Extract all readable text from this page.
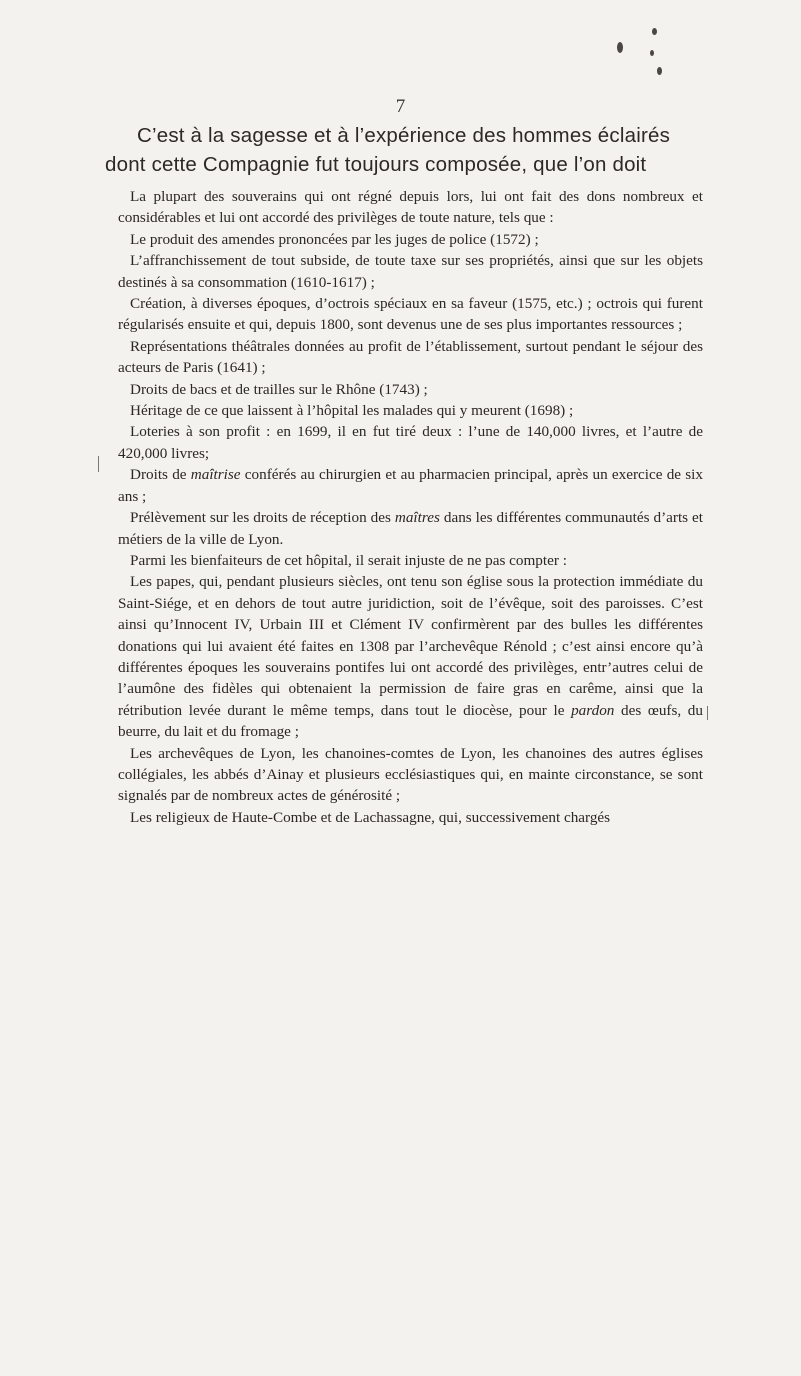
7
C’est à la sagesse et à l’expérience des hommes éclairés
dont cette Compagnie fut toujours composée, que l’on doit

La plupart des souverains qui ont régné depuis lors, lui ont fait des dons nombreux et considérables et lui ont accordé des privilèges de toute nature, tels que :

Le produit des amendes prononcées par les juges de police (1572) ;

L’affranchissement de tout subside, de toute taxe sur ses propriétés, ainsi que sur les objets destinés à sa consommation (1610-1617) ;

Création, à diverses époques, d’octrois spéciaux en sa faveur (1575, etc.) ; octrois qui furent régularisés ensuite et qui, depuis 1800, sont devenus une de ses plus importantes ressources ;

Représentations théâtrales données au profit de l’établissement, surtout pendant le séjour des acteurs de Paris (1641) ;

Droits de bacs et de trailles sur le Rhône (1743) ;

Héritage de ce que laissent à l’hôpital les malades qui y meurent (1698) ;

Loteries à son profit : en 1699, il en fut tiré deux : l’une de 140,000 livres, et l’autre de 420,000 livres;

Droits de maîtrise conférés au chirurgien et au pharmacien principal, après un exercice de six ans ;

Prélèvement sur les droits de réception des maîtres dans les différentes communautés d’arts et métiers de la ville de Lyon.

Parmi les bienfaiteurs de cet hôpital, il serait injuste de ne pas compter :

Les papes, qui, pendant plusieurs siècles, ont tenu son église sous la protection immédiate du Saint-Siége, et en dehors de tout autre juridiction, soit de l’évêque, soit des paroisses. C’est ainsi qu’Innocent IV, Urbain III et Clément IV confirmèrent par des bulles les différentes donations qui lui avaient été faites en 1308 par l’archevêque Rénold ; c’est ainsi encore qu’à différentes époques les souverains pontifes lui ont accordé des privilèges, entr’autres celui de l’aumône des fidèles qui obtenaient la permission de faire gras en carême, ainsi que la rétribution levée durant le même temps, dans tout le diocèse, pour le pardon des œufs, du beurre, du lait et du fromage ;

Les archevêques de Lyon, les chanoines-comtes de Lyon, les chanoines des autres églises collégiales, les abbés d’Ainay et plusieurs ecclésiastiques qui, en mainte circonstance, se sont signalés par de nombreux actes de générosité ;

Les religieux de Haute-Combe et de Lachassagne, qui, successivement chargés
